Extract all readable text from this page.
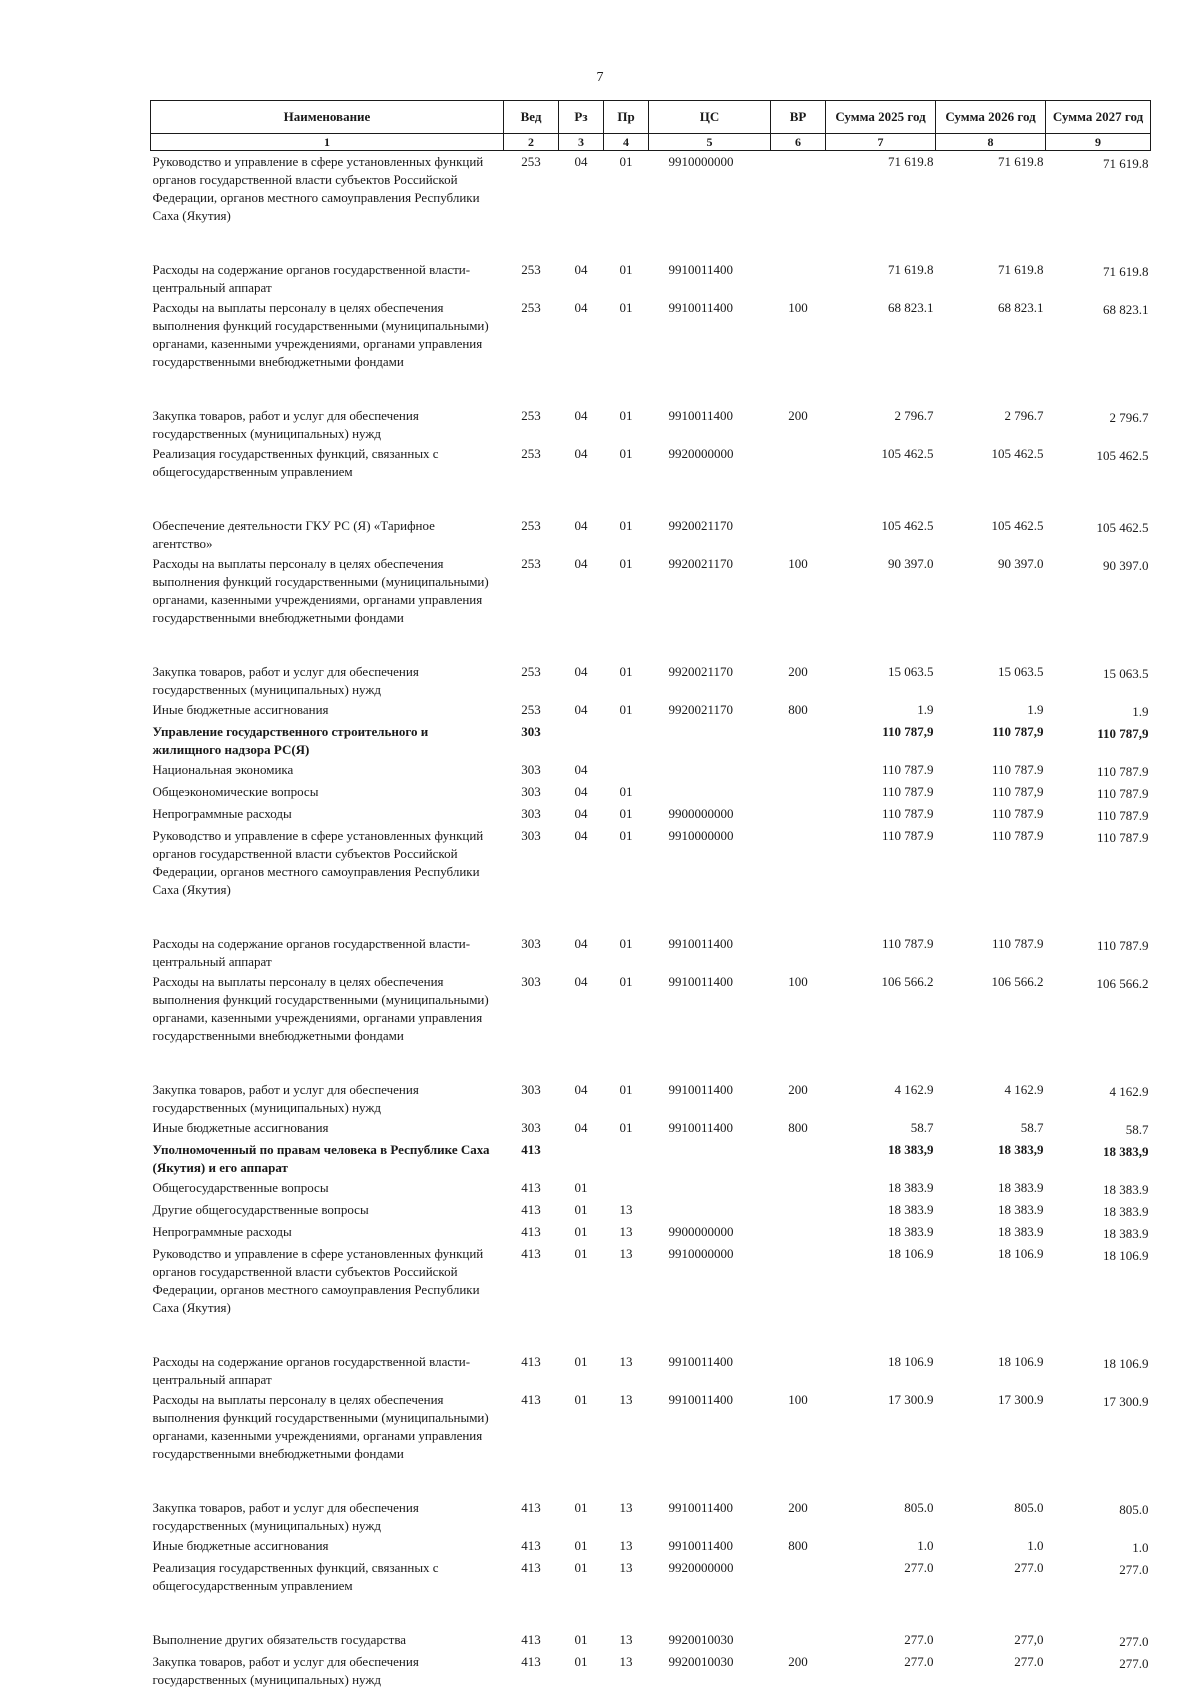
7
Наименование	Вед	Рз	Пр	ЦС	ВР	Сумма 2025 год	Сумма 2026 год	Сумма 2027 год
1	2	3	4	5	6	7	8	9
Руководство и управление в сфере установленных функций органов государственной власти субъектов Российской Федерации, органов местного самоуправления Республики Саха (Якутия)	253	04	01	9910000000		71 619.8	71 619.8	71 619.8
Расходы на содержание органов государственной власти- центральный аппарат	253	04	01	9910011400		71 619.8	71 619.8	71 619.8
Расходы на выплаты персоналу в целях обеспечения выполнения функций государственными (муниципальными) органами, казенными учреждениями, органами управления государственными внебюджетными фондами	253	04	01	9910011400	100	68 823.1	68 823.1	68 823.1
Закупка товаров, работ и услуг для обеспечения государственных (муниципальных) нужд	253	04	01	9910011400	200	2 796.7	2 796.7	2 796.7
Реализация государственных функций, связанных с общегосударственным управлением	253	04	01	9920000000		105 462.5	105 462.5	105 462.5
Обеспечение деятельности ГКУ РС (Я) «Тарифное агентство»	253	04	01	9920021170		105 462.5	105 462.5	105 462.5
Расходы на выплаты персоналу в целях обеспечения выполнения функций государственными (муниципальными) органами, казенными учреждениями, органами управления государственными внебюджетными фондами	253	04	01	9920021170	100	90 397.0	90 397.0	90 397.0
Закупка товаров, работ и услуг для обеспечения государственных (муниципальных) нужд	253	04	01	9920021170	200	15 063.5	15 063.5	15 063.5
Иные бюджетные ассигнования	253	04	01	9920021170	800	1.9	1.9	1.9
Управление государственного строительного и жилищного надзора РС(Я)	303					110 787,9	110 787,9	110 787,9
Национальная экономика	303	04				110 787.9	110 787.9	110 787.9
Общеэкономические вопросы	303	04	01			110 787.9	110 787,9	110 787.9
Непрограммные расходы	303	04	01	9900000000		110 787.9	110 787.9	110 787.9
Руководство и управление в сфере установленных функций органов государственной власти субъектов Российской Федерации, органов местного самоуправления Республики Саха (Якутия)	303	04	01	9910000000		110 787.9	110 787.9	110 787.9
Расходы на содержание органов государственной власти- центральный аппарат	303	04	01	9910011400		110 787.9	110 787.9	110 787.9
Расходы на выплаты персоналу в целях обеспечения выполнения функций государственными (муниципальными) органами, казенными учреждениями, органами управления государственными внебюджетными фондами	303	04	01	9910011400	100	106 566.2	106 566.2	106 566.2
Закупка товаров, работ и услуг для обеспечения государственных (муниципальных) нужд	303	04	01	9910011400	200	4 162.9	4 162.9	4 162.9
Иные бюджетные ассигнования	303	04	01	9910011400	800	58.7	58.7	58.7
Уполномоченный по правам человека в Республике Саха (Якутия) и его аппарат	413					18 383,9	18 383,9	18 383,9
Общегосударственные вопросы	413	01				18 383.9	18 383.9	18 383.9
Другие общегосударственные вопросы	413	01	13			18 383.9	18 383.9	18 383.9
Непрограммные расходы	413	01	13	9900000000		18 383.9	18 383.9	18 383.9
Руководство и управление в сфере установленных функций органов государственной власти субъектов Российской Федерации, органов местного самоуправления Республики Саха (Якутия)	413	01	13	9910000000		18 106.9	18 106.9	18 106.9
Расходы на содержание органов государственной власти- центральный аппарат	413	01	13	9910011400		18 106.9	18 106.9	18 106.9
Расходы на выплаты персоналу в целях обеспечения выполнения функций государственными (муниципальными) органами, казенными учреждениями, органами управления государственными внебюджетными фондами	413	01	13	9910011400	100	17 300.9	17 300.9	17 300.9
Закупка товаров, работ и услуг для обеспечения государственных (муниципальных) нужд	413	01	13	9910011400	200	805.0	805.0	805.0
Иные бюджетные ассигнования	413	01	13	9910011400	800	1.0	1.0	1.0
Реализация государственных функций, связанных с общегосударственным управлением	413	01	13	9920000000		277.0	277.0	277.0
Выполнение других обязательств государства	413	01	13	9920010030		277.0	277,0	277.0
Закупка товаров, работ и услуг для обеспечения государственных (муниципальных) нужд	413	01	13	9920010030	200	277.0	277.0	277.0
